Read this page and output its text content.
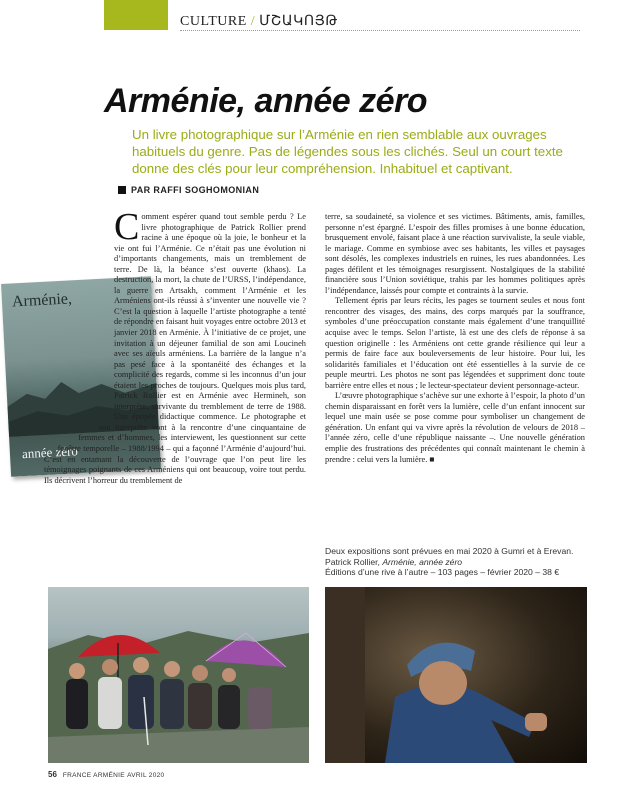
CULTURE / ՄՇԱԿՈՅԹ
Arménie, année zéro

Un livre photographique sur l’Arménie en rien semblable aux ouvrages habituels du genre. Pas de légendes sous les clichés. Seul un court texte donne des clés pour leur compréhension. Inhabituel et captivant.

PAR RAFFI SOGHOMONIAN
Arménie,
année zéro
Comment espérer quand tout semble perdu ? Le livre photographique de Patrick Rollier prend racine à une époque où la joie, le bonheur et la vie ont fui l’Arménie. Ce n’était pas une évolution ni d’importants changements, mais un tremblement de terre. De là, la béance s’est ouverte (khaos). La destruction, la mort, la chute de l’URSS, l’indépendance, la guerre en Artsakh, comment l’Arménie et les Arméniens ont-ils réussi à s’inventer une nouvelle vie ? C’est la question à laquelle l’artiste photographe a tenté de répondre en faisant huit voyages entre octobre 2013 et janvier 2018 en Arménie. À l’initiative de ce projet, une invitation à un déjeuner familial de son ami Loucineh avec ses aïeuls arméniens. La barrière de la langue n’a pas pesé face à la spontanéité des échanges et la complicité des regards, comme si les inconnus d’un jour étaient les proches de toujours. Quelques mois plus tard, Patrick Rollier est en Arménie avec Hermineh, son interprète, survivante du tremblement de terre de 1988. Une épopée didactique commence. Le photographe et son interprète vont à la rencontre d’une cinquantaine de femmes et d’hommes, les interviewent, les questionnent sur cette fenêtre temporelle – 1988/1994 – qui a façonné l’Arménie d’aujourd’hui. C’est en entamant la découverte de l’ouvrage que l’on peut lire les témoignages poignants de ces Arméniens qui ont beaucoup, voire tout perdu. Ils décrivent l’horreur du tremblement de
terre, sa soudaineté, sa violence et ses victimes. Bâtiments, amis, familles, personne n’est épargné. L’espoir des filles promises à une bonne éducation, brusquement envolé, faisant place à une réaction survivaliste, la seule viable, le mariage. Comme en symbiose avec ses habitants, les villes et paysages sont désolés, les complexes industriels en ruines, les rues abandonnées. Les pages défilent et les témoignages resurgissent. Nostalgiques de la stabilité financière sous l’Union soviétique, trahis par les hommes politiques après l’indépendance, laissés pour compte et contraints à la survie.

Tellement épris par leurs récits, les pages se tournent seules et nous font rencontrer des visages, des mains, des corps marqués par la souffrance, symboles d’une préoccupation constante mais également d’une tranquillité acquise avec le temps. Selon l’artiste, là est une des clefs de réponse à sa question originelle : les Arméniens ont cette grande résilience qui leur a permis de faire face aux bouleversements de leur histoire. Pour lui, les solidarités familiales et l’éducation ont été essentielles à la survie de ce peuple meurtri. Les photos ne sont pas légendées et suppriment donc toute barrière entre elles et nous ; le lecteur-spectateur devient personnage-acteur.

L’œuvre photographique s’achève sur une exhorte à l’espoir, la photo d’un chemin disparaissant en forêt vers la lumière, celle d’un enfant innocent sur lequel une main usée se pose comme pour symboliser un changement de génération. Un enfant qui va vivre après la révolution de velours de 2018 – l’année zéro, celle d’une république naissante –. Une nouvelle génération emplie des frustrations des précédentes qui connaît maintenant le chemin à prendre : celui vers la lumière. ■

Deux expositions sont prévues en mai 2020 à Gumri et à Erevan.
Patrick Rollier, Arménie, année zéro
Éditions d’une rive à l’autre – 103 pages – février 2020 – 38 €
56 FRANCE ARMÉNIE AVRIL 2020
